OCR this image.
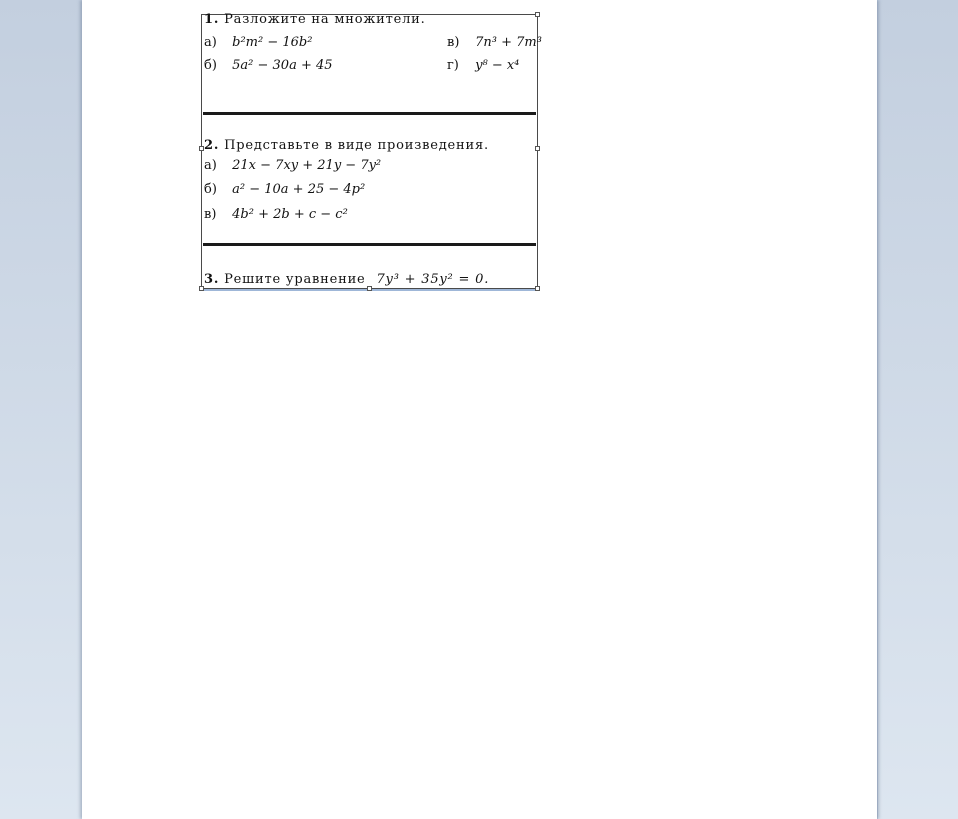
1. Разложите на множители.
а) b²m² − 16b²	в) 7n³ + 7m³
б) 5a² − 30a + 45	г) y⁸ − x⁴
2. Представьте в виде произведения.
а) 21x − 7xy + 21y − 7y²
б) a² − 10a + 25 − 4p²
в) 4b² + 2b + c − c²
3. Решите уравнение 7y³ + 35y² = 0.
